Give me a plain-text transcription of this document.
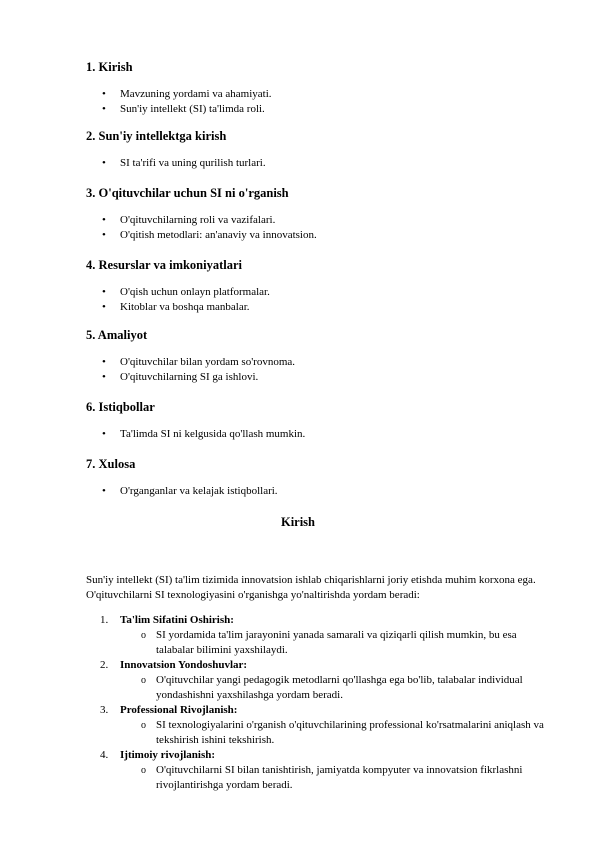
1. Kirish
• Mavzuning yordami va ahamiyati.
• Sun'iy intellekt (SI) ta'limda roli.
2. Sun'iy intellektga kirish
• SI ta'rifi va uning qurilish turlari.
3. O'qituvchilar uchun SI ni o'rganish
• O'qituvchilarning roli va vazifalari.
• O'qitish metodlari: an'anaviy va innovatsion.
4. Resurslar va imkoniyatlari
• O'qish uchun onlayn platformalar.
• Kitoblar va boshqa manbalar.
5. Amaliyot
• O'qituvchilar bilan yordam so'rovnoma.
• O'qituvchilarning SI ga ishlovi.
6. Istiqbollar
• Ta'limda SI ni kelgusida qo'llash mumkin.
7. Xulosa
• O'rganganlar va kelajak istiqbollari.
Kirish

Sun'iy intellekt (SI) ta'lim tizimida innovatsion ishlab chiqarishlarni joriy etishda muhim korxona ega. O'qituvchilarni SI texnologiyasini o'rganishga yo'naltirishda yordam beradi:

1. Ta'lim Sifatini Oshirish:
o SI yordamida ta'lim jarayonini yanada samarali va qiziqarli qilish mumkin, bu esa talabalar bilimini yaxshilaydi.
2. Innovatsion Yondoshuvlar:
o O'qituvchilar yangi pedagogik metodlarni qo'llashga ega bo'lib, talabalar individual yondashishni yaxshilashga yordam beradi.
3. Professional Rivojlanish:
o SI texnologiyalarini o'rganish o'qituvchilarining professional ko'rsatmalarini aniqlash va tekshirish ishini tekshirish.
4. Ijtimoiy rivojlanish:
o O'qituvchilarni SI bilan tanishtirish, jamiyatda kompyuter va innovatsion fikrlashni rivojlantirishga yordam beradi.
